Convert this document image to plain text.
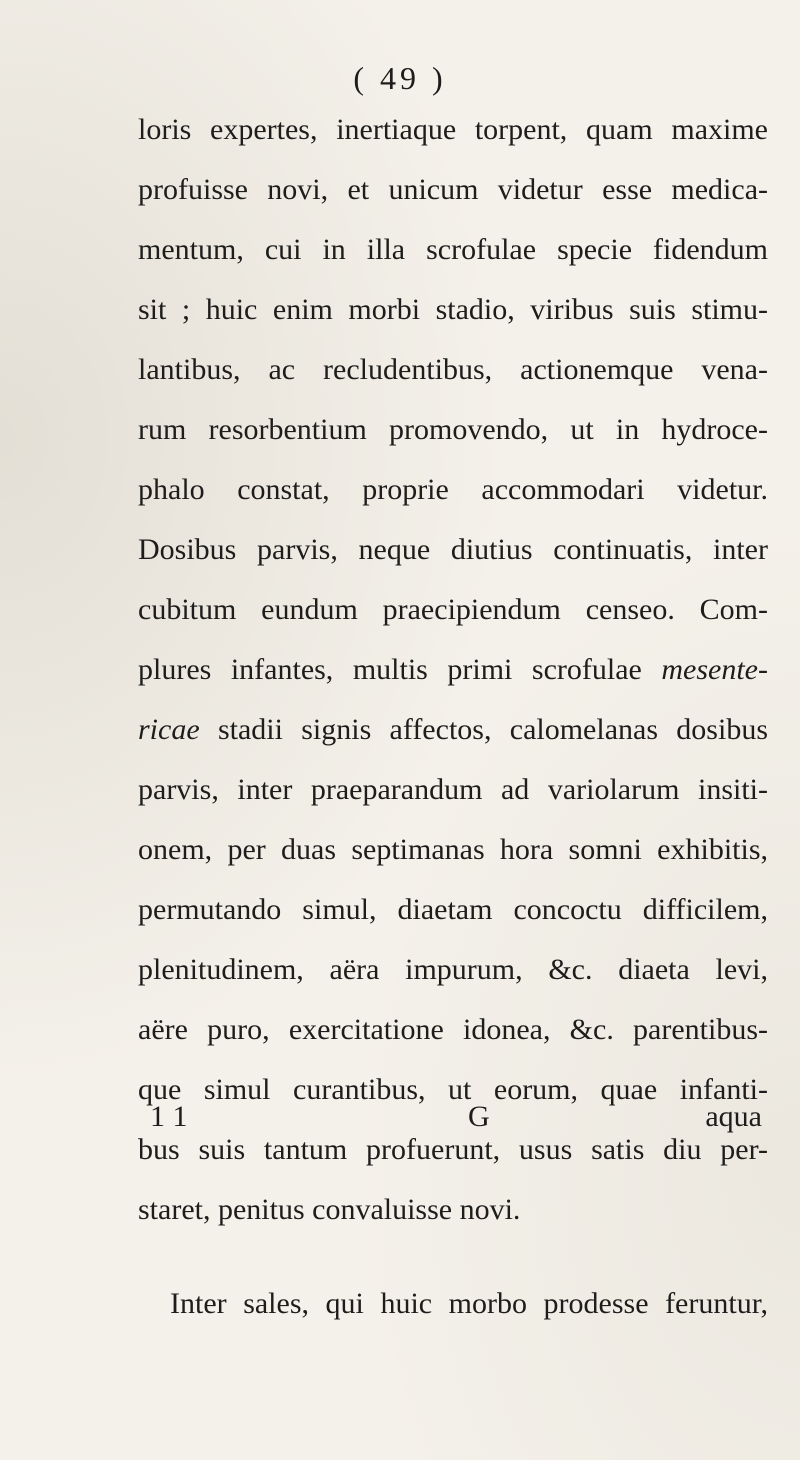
( 49 )
loris expertes, inertiaque torpent, quam maxime
profuisse novi, et unicum videtur esse medica-
mentum, cui in illa scrofulae specie fidendum
sit ; huic enim morbi stadio, viribus suis stimu-
lantibus, ac recludentibus, actionemque vena-
rum resorbentium promovendo, ut in hydroce-
phalo constat, proprie accommodari videtur.
Dosibus parvis, neque diutius continuatis, inter
cubitum eundum praecipiendum censeo. Com-
plures infantes, multis primi scrofulae mesente-
ricae stadii signis affectos, calomelanas dosibus
parvis, inter praeparandum ad variolarum insiti-
onem, per duas septimanas hora somni exhibitis,
permutando simul, diaetam concoctu difficilem,
plenitudinem, aëra impurum, &c. diaeta levi,
aëre puro, exercitatione idonea, &c. parentibus-
que simul curantibus, ut eorum, quae infanti-
bus suis tantum profuerunt, usus satis diu per-
staret, penitus convaluisse novi.
Inter sales, qui huic morbo prodesse feruntur,
1 1	G	aqua
